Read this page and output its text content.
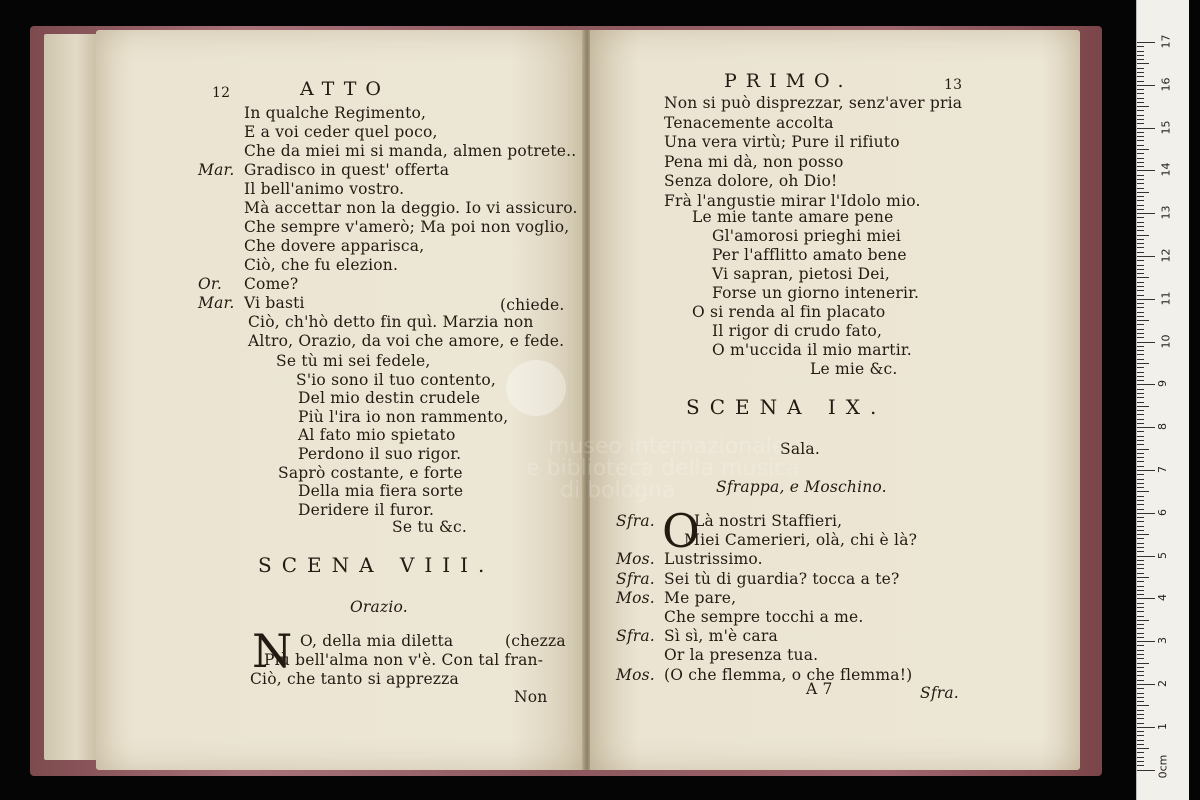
12	ATTO
(chiede.
Se tu &c.
SCENA VIII.
Orazio.
N	(chezza
Non
In qualche Regimento,
E a voi ceder quel poco,
Che da miei mi si manda, almen potrete..
Mar. Gradisco in quest' offerta
Il bell'animo vostro.
Mà accettar non la deggio. Io vi assicuro.
Che sempre v'amerò; Ma poi non voglio,
Che dovere apparisca,
Ciò, che fu elezion.
Or. Come?
Mar. Vi basti
Ciò, ch'hò detto fin quì. Marzia non
Altro, Orazio, da voi che amore, e fede.
Se tù mi sei fedele,
S'io sono il tuo contento,
Del mio destin crudele
Più l'ira io non rammento,
Al fato mio spietato
Perdono il suo rigor.
Saprò costante, e forte
Della mia fiera sorte
Deridere il furor.
O, della mia diletta
Più bell'alma non v'è. Con tal fran-
Ciò, che tanto si apprezza
PRIMO.	13
Le mie &c.
SCENA IX.
Sala.
Sfrappa, e Moschino.
O
A 7	Sfra.
Non si può disprezzar, senz'aver pria
Tenacemente accolta
Una vera virtù; Pure il rifiuto
Pena mi dà, non posso
Senza dolore, oh Dio!
Frà l'angustie mirar l'Idolo mio.
Le mie tante amare pene
Gl'amorosi prieghi miei
Per l'afflitto amato bene
Vi sapran, pietosi Dei,
Forse un giorno intenerir.
O si renda al fin placato
Il rigor di crudo fato,
O m'uccida il mio martir.
Sfra.	Là nostri Staffieri,
Miei Camerieri, olà, chi è là?
Mos. Lustrissimo.
Sfra. Sei tù di guardia? tocca a te?
Mos. Me pare,
Che sempre tocchi a me.
Sfra. Sì sì, m'è cara
Or la presenza tua.
Mos. (O che flemma, o che flemma!)
museo internazionale
e biblioteca della musica
di bologna
0cm
17
16
15
14
13
12
11
10
9
8
7
6
5
4
3
2
1
